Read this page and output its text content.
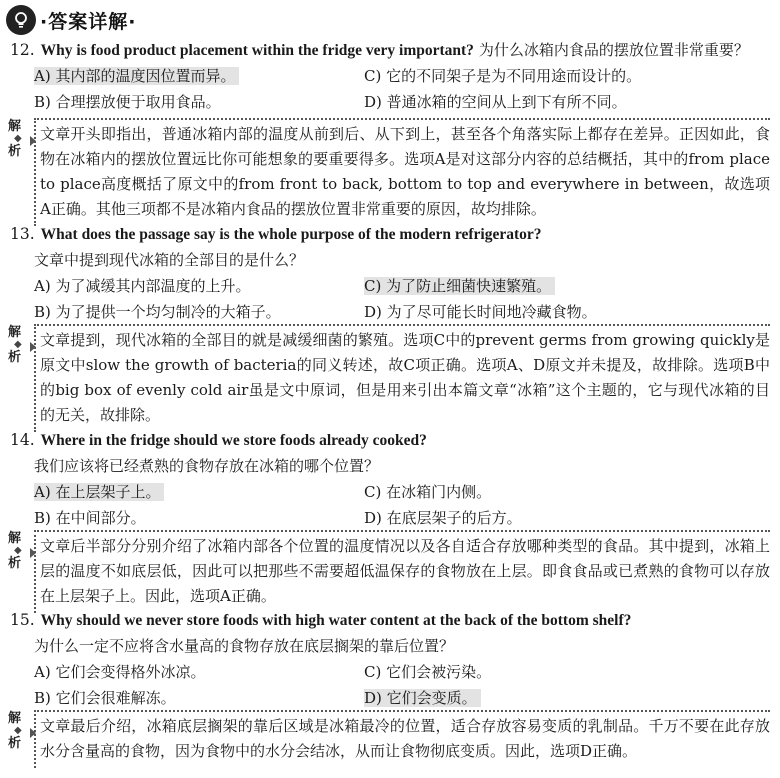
·答案详解·
12. Why is food product placement within the fridge very important? 为什么冰箱内食品的摆放位置非常重要？
A) 其内部的温度因位置而异。	C) 它的不同架子是为不同用途而设计的。
B) 合理摆放便于取用食品。	D) 普通冰箱的空间从上到下有所不同。
解
◆
析
文章开头即指出，普通冰箱内部的温度从前到后、从下到上，甚至各个角落实际上都存在差异。正因如此，食物在冰箱内的摆放位置远比你可能想象的要重要得多。选项A是对这部分内容的总结概括，其中的from place to place高度概括了原文中的from front to back, bottom to top and everywhere in between，故选项A正确。其他三项都不是冰箱内食品的摆放位置非常重要的原因，故均排除。
13. What does the passage say is the whole purpose of the modern refrigerator?
文章中提到现代冰箱的全部目的是什么？
A) 为了减缓其内部温度的上升。	C) 为了防止细菌快速繁殖。
B) 为了提供一个均匀制冷的大箱子。	D) 为了尽可能长时间地冷藏食物。
解
◆
析
文章提到，现代冰箱的全部目的就是减缓细菌的繁殖。选项C中的prevent germs from growing quickly是原文中slow the growth of bacteria的同义转述，故C项正确。选项A、D原文并未提及，故排除。选项B中的big box of evenly cold air虽是文中原词，但是用来引出本篇文章“冰箱”这个主题的，它与现代冰箱的目的无关，故排除。
14. Where in the fridge should we store foods already cooked?
我们应该将已经煮熟的食物存放在冰箱的哪个位置？
A) 在上层架子上。	C) 在冰箱门内侧。
B) 在中间部分。	D) 在底层架子的后方。
解
◆
析
文章后半部分分别介绍了冰箱内部各个位置的温度情况以及各自适合存放哪种类型的食品。其中提到，冰箱上层的温度不如底层低，因此可以把那些不需要超低温保存的食物放在上层。即食食品或已煮熟的食物可以存放在上层架子上。因此，选项A正确。
15. Why should we never store foods with high water content at the back of the bottom shelf?
为什么一定不应将含水量高的食物存放在底层搁架的靠后位置？
A) 它们会变得格外冰凉。	C) 它们会被污染。
B) 它们会很难解冻。	D) 它们会变质。
解
◆
析
文章最后介绍，冰箱底层搁架的靠后区域是冰箱最冷的位置，适合存放容易变质的乳制品。千万不要在此存放水分含量高的食物，因为食物中的水分会结冰，从而让食物彻底变质。因此，选项D正确。
